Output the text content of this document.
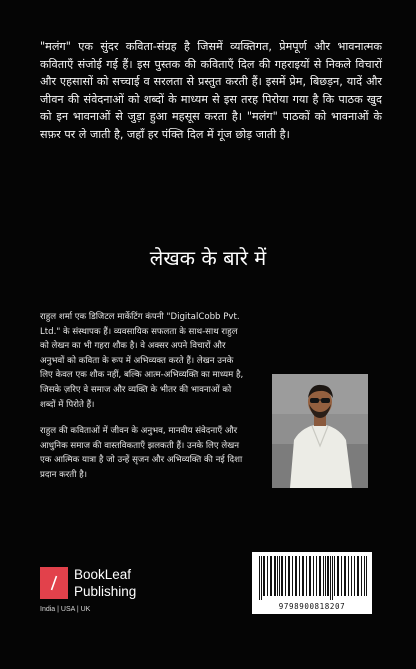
"मलंग" एक सुंदर कविता-संग्रह है जिसमें व्यक्तिगत, प्रेमपूर्ण और भावनात्मक कविताएँ संजोई गई हैं। इस पुस्तक की कविताएँ दिल की गहराइयों से निकले विचारों और एहसासों को सच्चाई व सरलता से प्रस्तुत करती हैं। इसमें प्रेम, बिछड़न, यादें और जीवन की संवेदनाओं को शब्दों के माध्यम से इस तरह पिरोया गया है कि पाठक खुद को इन भावनाओं से जुड़ा हुआ महसूस करता है। "मलंग" पाठकों को भावनाओं के सफ़र पर ले जाती है, जहाँ हर पंक्ति दिल में गूंज छोड़ जाती है।

लेखक के बारे में

राहुल शर्मा एक डिजिटल मार्केटिंग कंपनी "DigitalCobb Pvt. Ltd." के संस्थापक हैं। व्यवसायिक सफलता के साथ-साथ राहुल को लेखन का भी गहरा शौक है। वे अक्सर अपने विचारों और अनुभवों को कविता के रूप में अभिव्यक्त करते हैं। लेखन उनके लिए केवल एक शौक नहीं, बल्कि आत्म-अभिव्यक्ति का माध्यम है, जिसके ज़रिए वे समाज और व्यक्ति के भीतर की भावनाओं को शब्दों में पिरोते हैं।

राहुल की कविताओं में जीवन के अनुभव, मानवीय संवेदनाएँ और आधुनिक समाज की वास्तविकताएँ झलकती हैं। उनके लिए लेखन एक आत्मिक यात्रा है जो उन्हें सृजन और अभिव्यक्ति की नई दिशा प्रदान करती है।

BookLeaf Publishing
India | USA | UK	9798900818207
